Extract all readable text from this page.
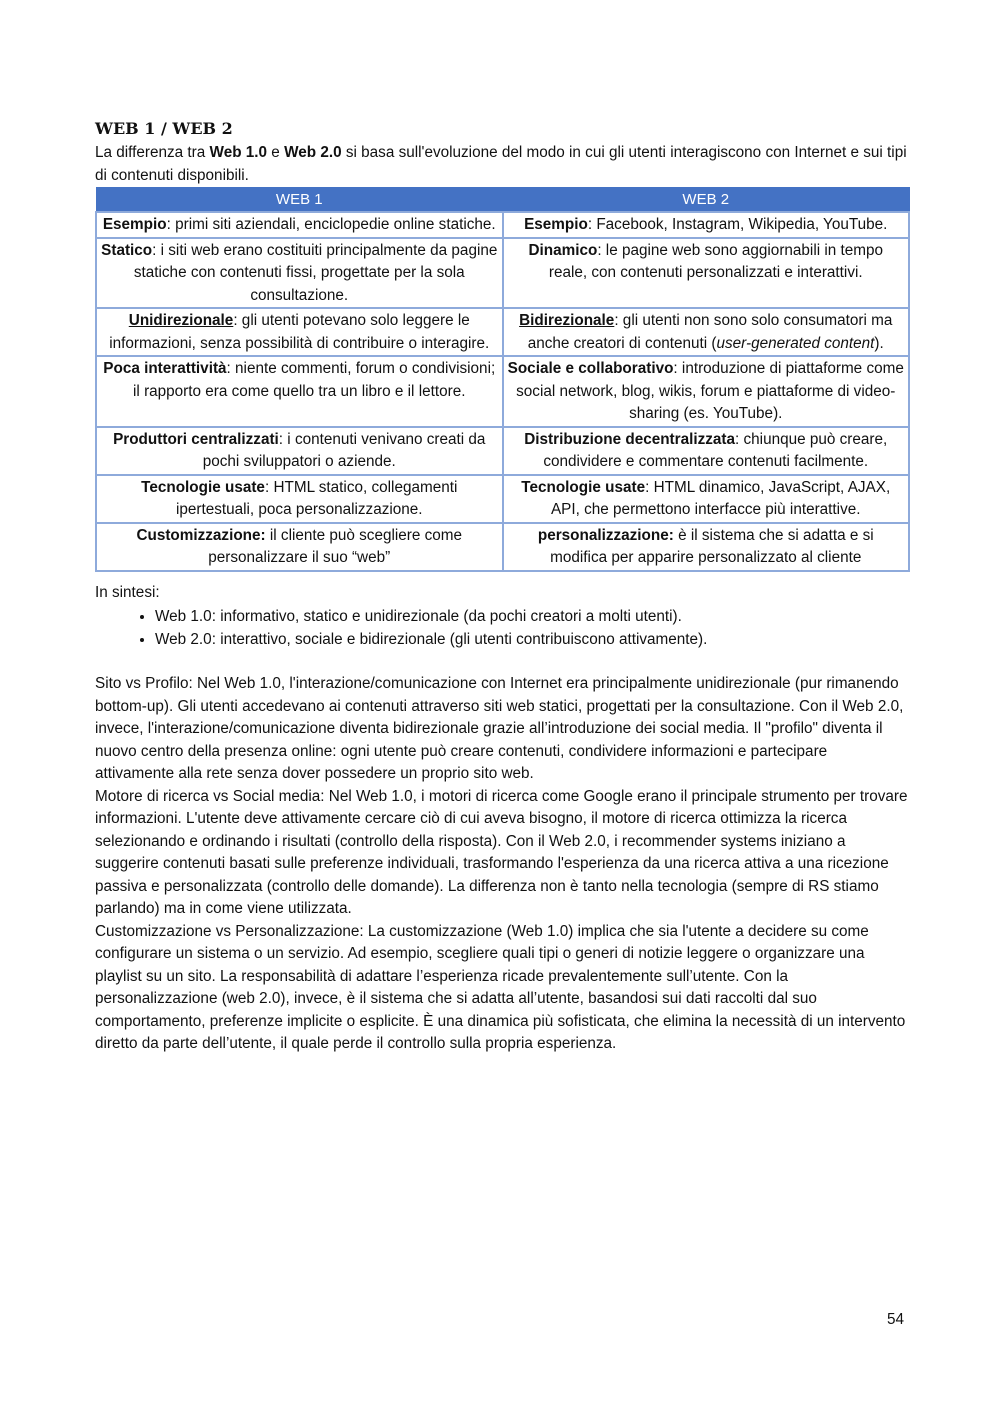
WEB 1 / WEB 2

La differenza tra Web 1.0 e Web 2.0 si basa sull'evoluzione del modo in cui gli utenti interagiscono con Internet e sui tipi di contenuti disponibili.

WEB 1	WEB 2
Esempio: primi siti aziendali, enciclopedie online statiche.	Esempio: Facebook, Instagram, Wikipedia, YouTube.
Statico: i siti web erano costituiti principalmente da pagine statiche con contenuti fissi, progettate per la sola consultazione.	Dinamico: le pagine web sono aggiornabili in tempo reale, con contenuti personalizzati e interattivi.
Unidirezionale: gli utenti potevano solo leggere le informazioni, senza possibilità di contribuire o interagire.	Bidirezionale: gli utenti non sono solo consumatori ma anche creatori di contenuti (user-generated content).
Poca interattività: niente commenti, forum o condivisioni; il rapporto era come quello tra un libro e il lettore.	Sociale e collaborativo: introduzione di piattaforme come social network, blog, wikis, forum e piattaforme di video-sharing (es. YouTube).
Produttori centralizzati: i contenuti venivano creati da pochi sviluppatori o aziende.	Distribuzione decentralizzata: chiunque può creare, condividere e commentare contenuti facilmente.
Tecnologie usate: HTML statico, collegamenti ipertestuali, poca personalizzazione.	Tecnologie usate: HTML dinamico, JavaScript, AJAX, API, che permettono interfacce più interattive.
Customizzazione: il cliente può scegliere come personalizzare il suo “web”	personalizzazione: è il sistema che si adatta e si modifica per apparire personalizzato al cliente

In sintesi:

• Web 1.0: informativo, statico e unidirezionale (da pochi creatori a molti utenti).
• Web 2.0: interattivo, sociale e bidirezionale (gli utenti contribuiscono attivamente).

Sito vs Profilo: Nel Web 1.0, l'interazione/comunicazione con Internet era principalmente unidirezionale (pur rimanendo bottom-up). Gli utenti accedevano ai contenuti attraverso siti web statici, progettati per la consultazione. Con il Web 2.0, invece, l'interazione/comunicazione diventa bidirezionale grazie all’introduzione dei social media. Il "profilo" diventa il nuovo centro della presenza online: ogni utente può creare contenuti, condividere informazioni e partecipare attivamente alla rete senza dover possedere un proprio sito web.

Motore di ricerca vs Social media: Nel Web 1.0, i motori di ricerca come Google erano il principale strumento per trovare informazioni. L'utente deve attivamente cercare ciò di cui aveva bisogno, il motore di ricerca ottimizza la ricerca selezionando e ordinando i risultati (controllo della risposta). Con il Web 2.0, i recommender systems iniziano a suggerire contenuti basati sulle preferenze individuali, trasformando l'esperienza da una ricerca attiva a una ricezione passiva e personalizzata (controllo delle domande). La differenza non è tanto nella tecnologia (sempre di RS stiamo parlando) ma in come viene utilizzata.

Customizzazione vs Personalizzazione: La customizzazione (Web 1.0) implica che sia l'utente a decidere su come configurare un sistema o un servizio. Ad esempio, scegliere quali tipi o generi di notizie leggere o organizzare una playlist su un sito. La responsabilità di adattare l’esperienza ricade prevalentemente sull’utente. Con la personalizzazione (web 2.0), invece, è il sistema che si adatta all’utente, basandosi sui dati raccolti dal suo comportamento, preferenze implicite o esplicite. È una dinamica più sofisticata, che elimina la necessità di un intervento diretto da parte dell’utente, il quale perde il controllo sulla propria esperienza.

54
